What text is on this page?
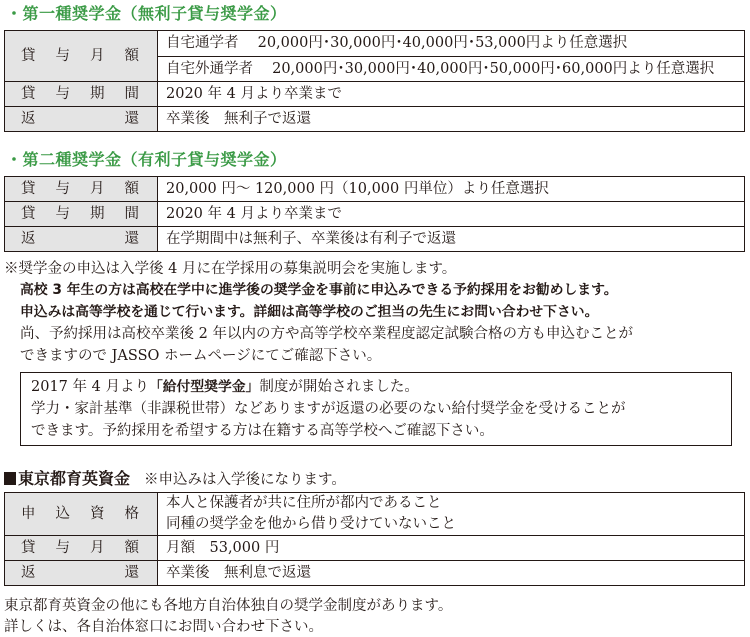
・第一種奨学金（無利子貸与奨学金）
貸与月額	自宅通学者　 20,000円･30,000円･40,000円･53,000円より任意選択
自宅外通学者　 20,000円･30,000円･40,000円･50,000円･60,000円より任意選択

貸与期間	2020 年 4 月より卒業まで
返還	卒業後　無利子で返還
・第二種奨学金（有利子貸与奨学金）
貸与月額	20,000 円～ 120,000 円（10,000 円単位）より任意選択
貸与期間	2020 年 4 月より卒業まで
返還	在学期間中は無利子、卒業後は有利子で返還
※奨学金の申込は入学後 4 月に在学採用の募集説明会を実施します。
高校 3 年生の方は高校在学中に進学後の奨学金を事前に申込みできる予約採用をお勧めします。
申込みは高等学校を通じて行います。詳細は高等学校のご担当の先生にお問い合わせ下さい。
尚、予約採用は高校卒業後 2 年以内の方や高等学校卒業程度認定試験合格の方も申込むことが
できますので JASSO ホームページにてご確認下さい。
2017 年 4 月より「給付型奨学金」制度が開始されました。
学力・家計基準（非課税世帯）などありますが返還の必要のない給付奨学金を受けることが
できます。予約採用を希望する方は在籍する高等学校へご確認下さい。
東京都育英資金 ※申込みは入学後になります。
申込資格	本人と保護者が共に住所が都内であること
同種の奨学金を他から借り受けていないこと

貸与月額	月額　53,000 円
返還	卒業後　無利息で返還
東京都育英資金の他にも各地方自治体独自の奨学金制度があります。
詳しくは、各自治体窓口にお問い合わせ下さい。
